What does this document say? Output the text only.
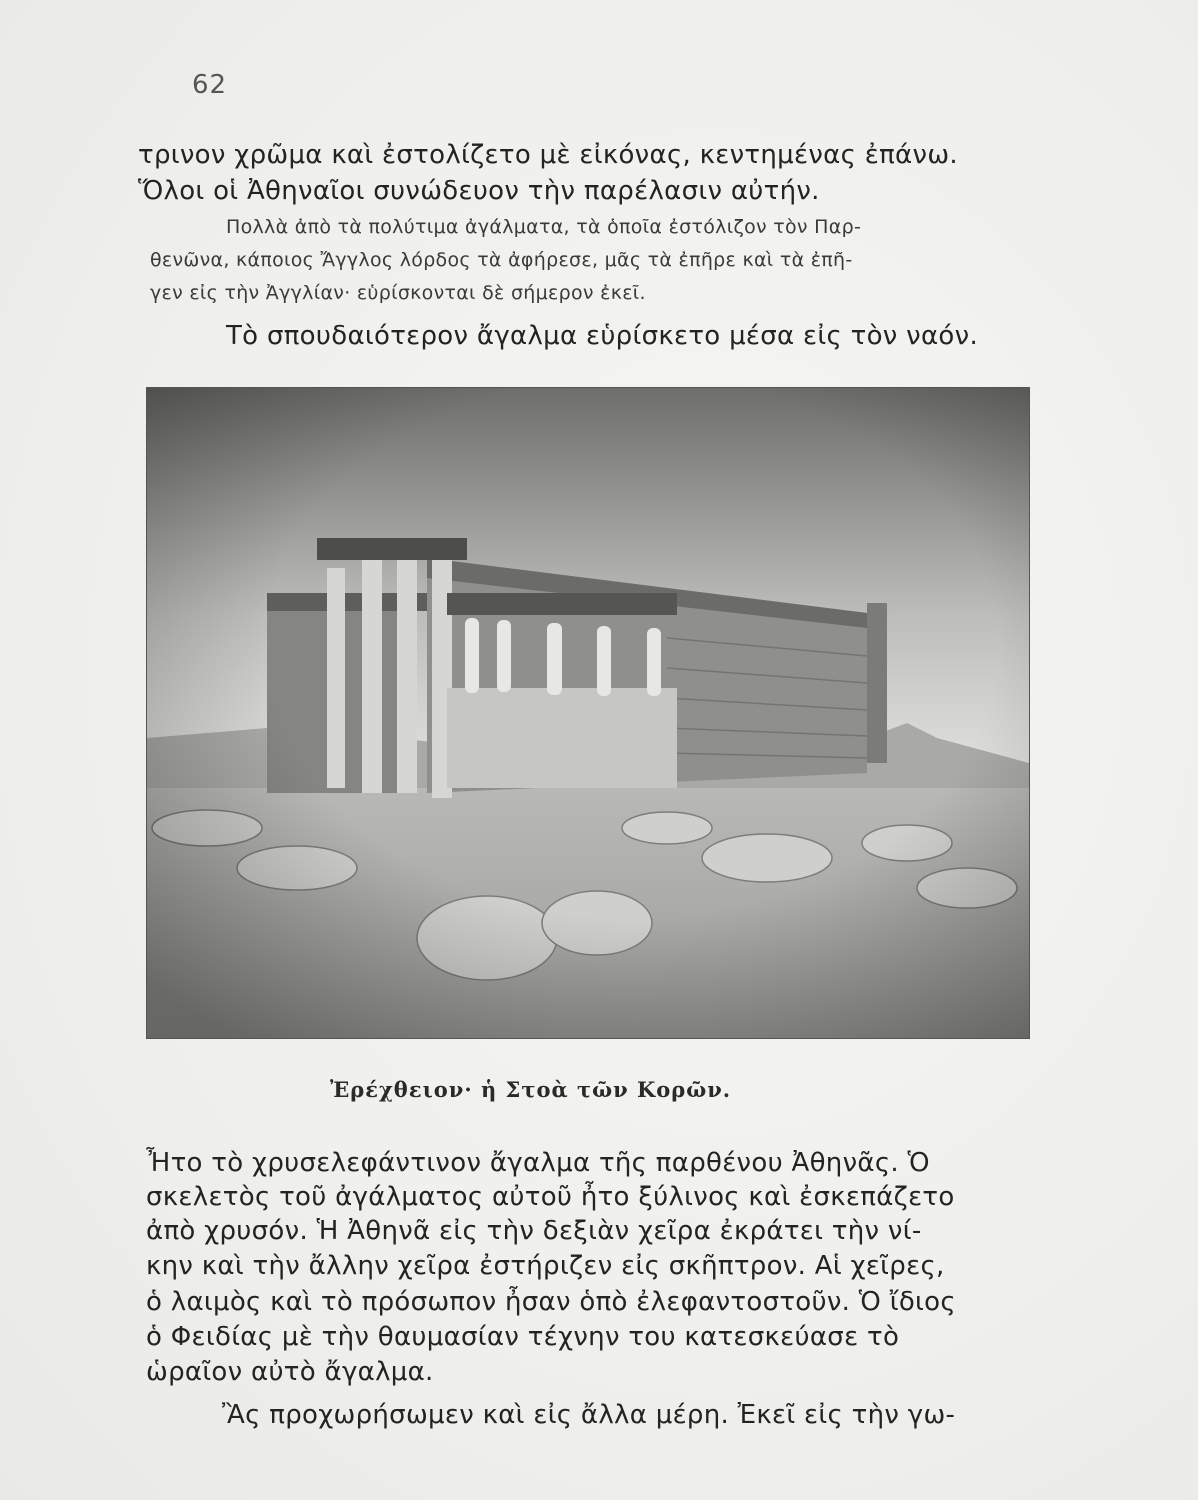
62
τρινον χρῶμα καὶ ἐστολίζετο μὲ εἰκόνας, κεντημένας ἐπάνω.
Ὅλοι οἱ Ἀθηναῖοι συνώδευον τὴν παρέλασιν αὐτήν.
Πολλὰ ἀπὸ τὰ πολύτιμα ἀγάλματα, τὰ ὁποῖα ἐστόλιζον τὸν Παρ-
θενῶνα, κάποιος Ἄγγλος λόρδος τὰ ἀφήρεσε, μᾶς τὰ ἐπῆρε καὶ τὰ ἐπῆ-
γεν εἰς τὴν Ἀγγλίαν· εὑρίσκονται δὲ σήμερον ἐκεῖ.
Τὸ σπουδαιότερον ἄγαλμα εὑρίσκετο μέσα εἰς τὸν ναόν.
Ἐρέχθειον· ἡ Στοὰ τῶν Κορῶν.
Ἦτο τὸ χρυσελεφάντινον ἄγαλμα τῆς παρθένου Ἀθηνᾶς. Ὁ
σκελετὸς τοῦ ἀγάλματος αὐτοῦ ἦτο ξύλινος καὶ ἐσκεπάζετο
ἀπὸ χρυσόν. Ἡ Ἀθηνᾶ εἰς τὴν δεξιὰν χεῖρα ἐκράτει τὴν νί-
κην καὶ τὴν ἄλλην χεῖρα ἐστήριζεν εἰς σκῆπτρον. Αἱ χεῖρες,
ὁ λαιμὸς καὶ τὸ πρόσωπον ἦσαν ὁπὸ ἐλεφαντοστοῦν. Ὁ ἴδιος
ὁ Φειδίας μὲ τὴν θαυμασίαν τέχνην του κατεσκεύασε τὸ
ὡραῖον αὐτὸ ἄγαλμα.
Ἂς προχωρήσωμεν καὶ εἰς ἄλλα μέρη. Ἐκεῖ εἰς τὴν γω-
